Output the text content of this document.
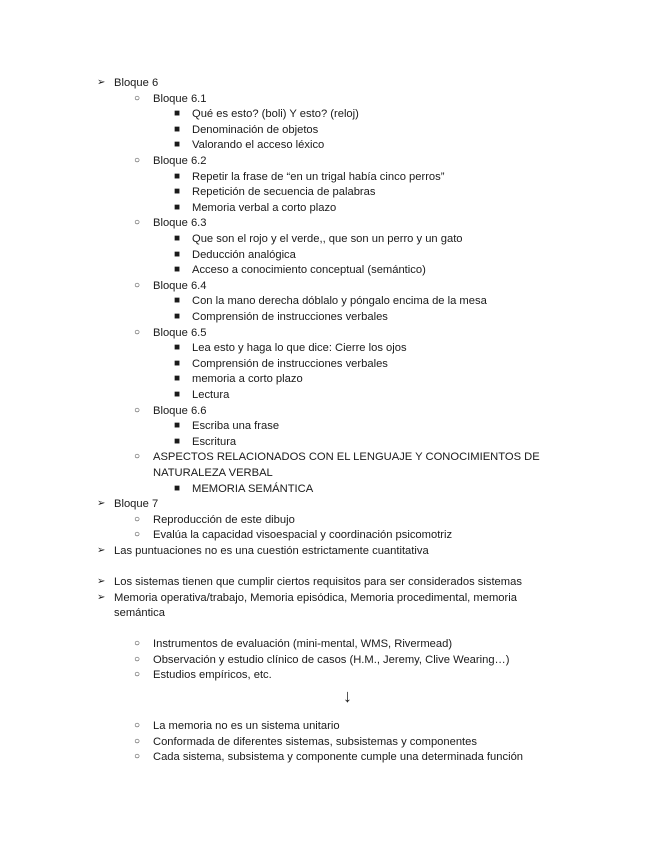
➢ Bloque 6
○ Bloque 6.1
■ Qué es esto? (boli) Y esto? (reloj)
■ Denominación de objetos
■ Valorando el acceso léxico
○ Bloque 6.2
■ Repetir la frase de “en un trigal había cinco perros”
■ Repetición de secuencia de palabras
■ Memoria verbal a corto plazo
○ Bloque 6.3
■ Que son el rojo y el verde,, que son un perro y un gato
■ Deducción analógica
■ Acceso a conocimiento conceptual (semántico)
○ Bloque 6.4
■ Con la mano derecha dóblalo y póngalo encima de la mesa
■ Comprensión de instrucciones verbales
○ Bloque 6.5
■ Lea esto y haga lo que dice: Cierre los ojos
■ Comprensión de instrucciones verbales
■ memoria a corto plazo
■ Lectura
○ Bloque 6.6
■ Escriba una frase
■ Escritura
○ ASPECTOS RELACIONADOS CON EL LENGUAJE Y CONOCIMIENTOS DE
NATURALEZA VERBAL
■ MEMORIA SEMÁNTICA
➢ Bloque 7
○ Reproducción de este dibujo
○ Evalúa la capacidad visoespacial y coordinación psicomotriz
➢ Las puntuaciones no es una cuestión estrictamente cuantitativa
➢ Los sistemas tienen que cumplir ciertos requisitos para ser considerados sistemas
➢ Memoria operativa/trabajo, Memoria episódica, Memoria procedimental, memoria
semántica
○ Instrumentos de evaluación (mini-mental, WMS, Rivermead)
○ Observación y estudio clínico de casos (H.M., Jeremy, Clive Wearing…)
○ Estudios empíricos, etc.
↓
○ La memoria no es un sistema unitario
○ Conformada de diferentes sistemas, subsistemas y componentes
○ Cada sistema, subsistema y componente cumple una determinada función
